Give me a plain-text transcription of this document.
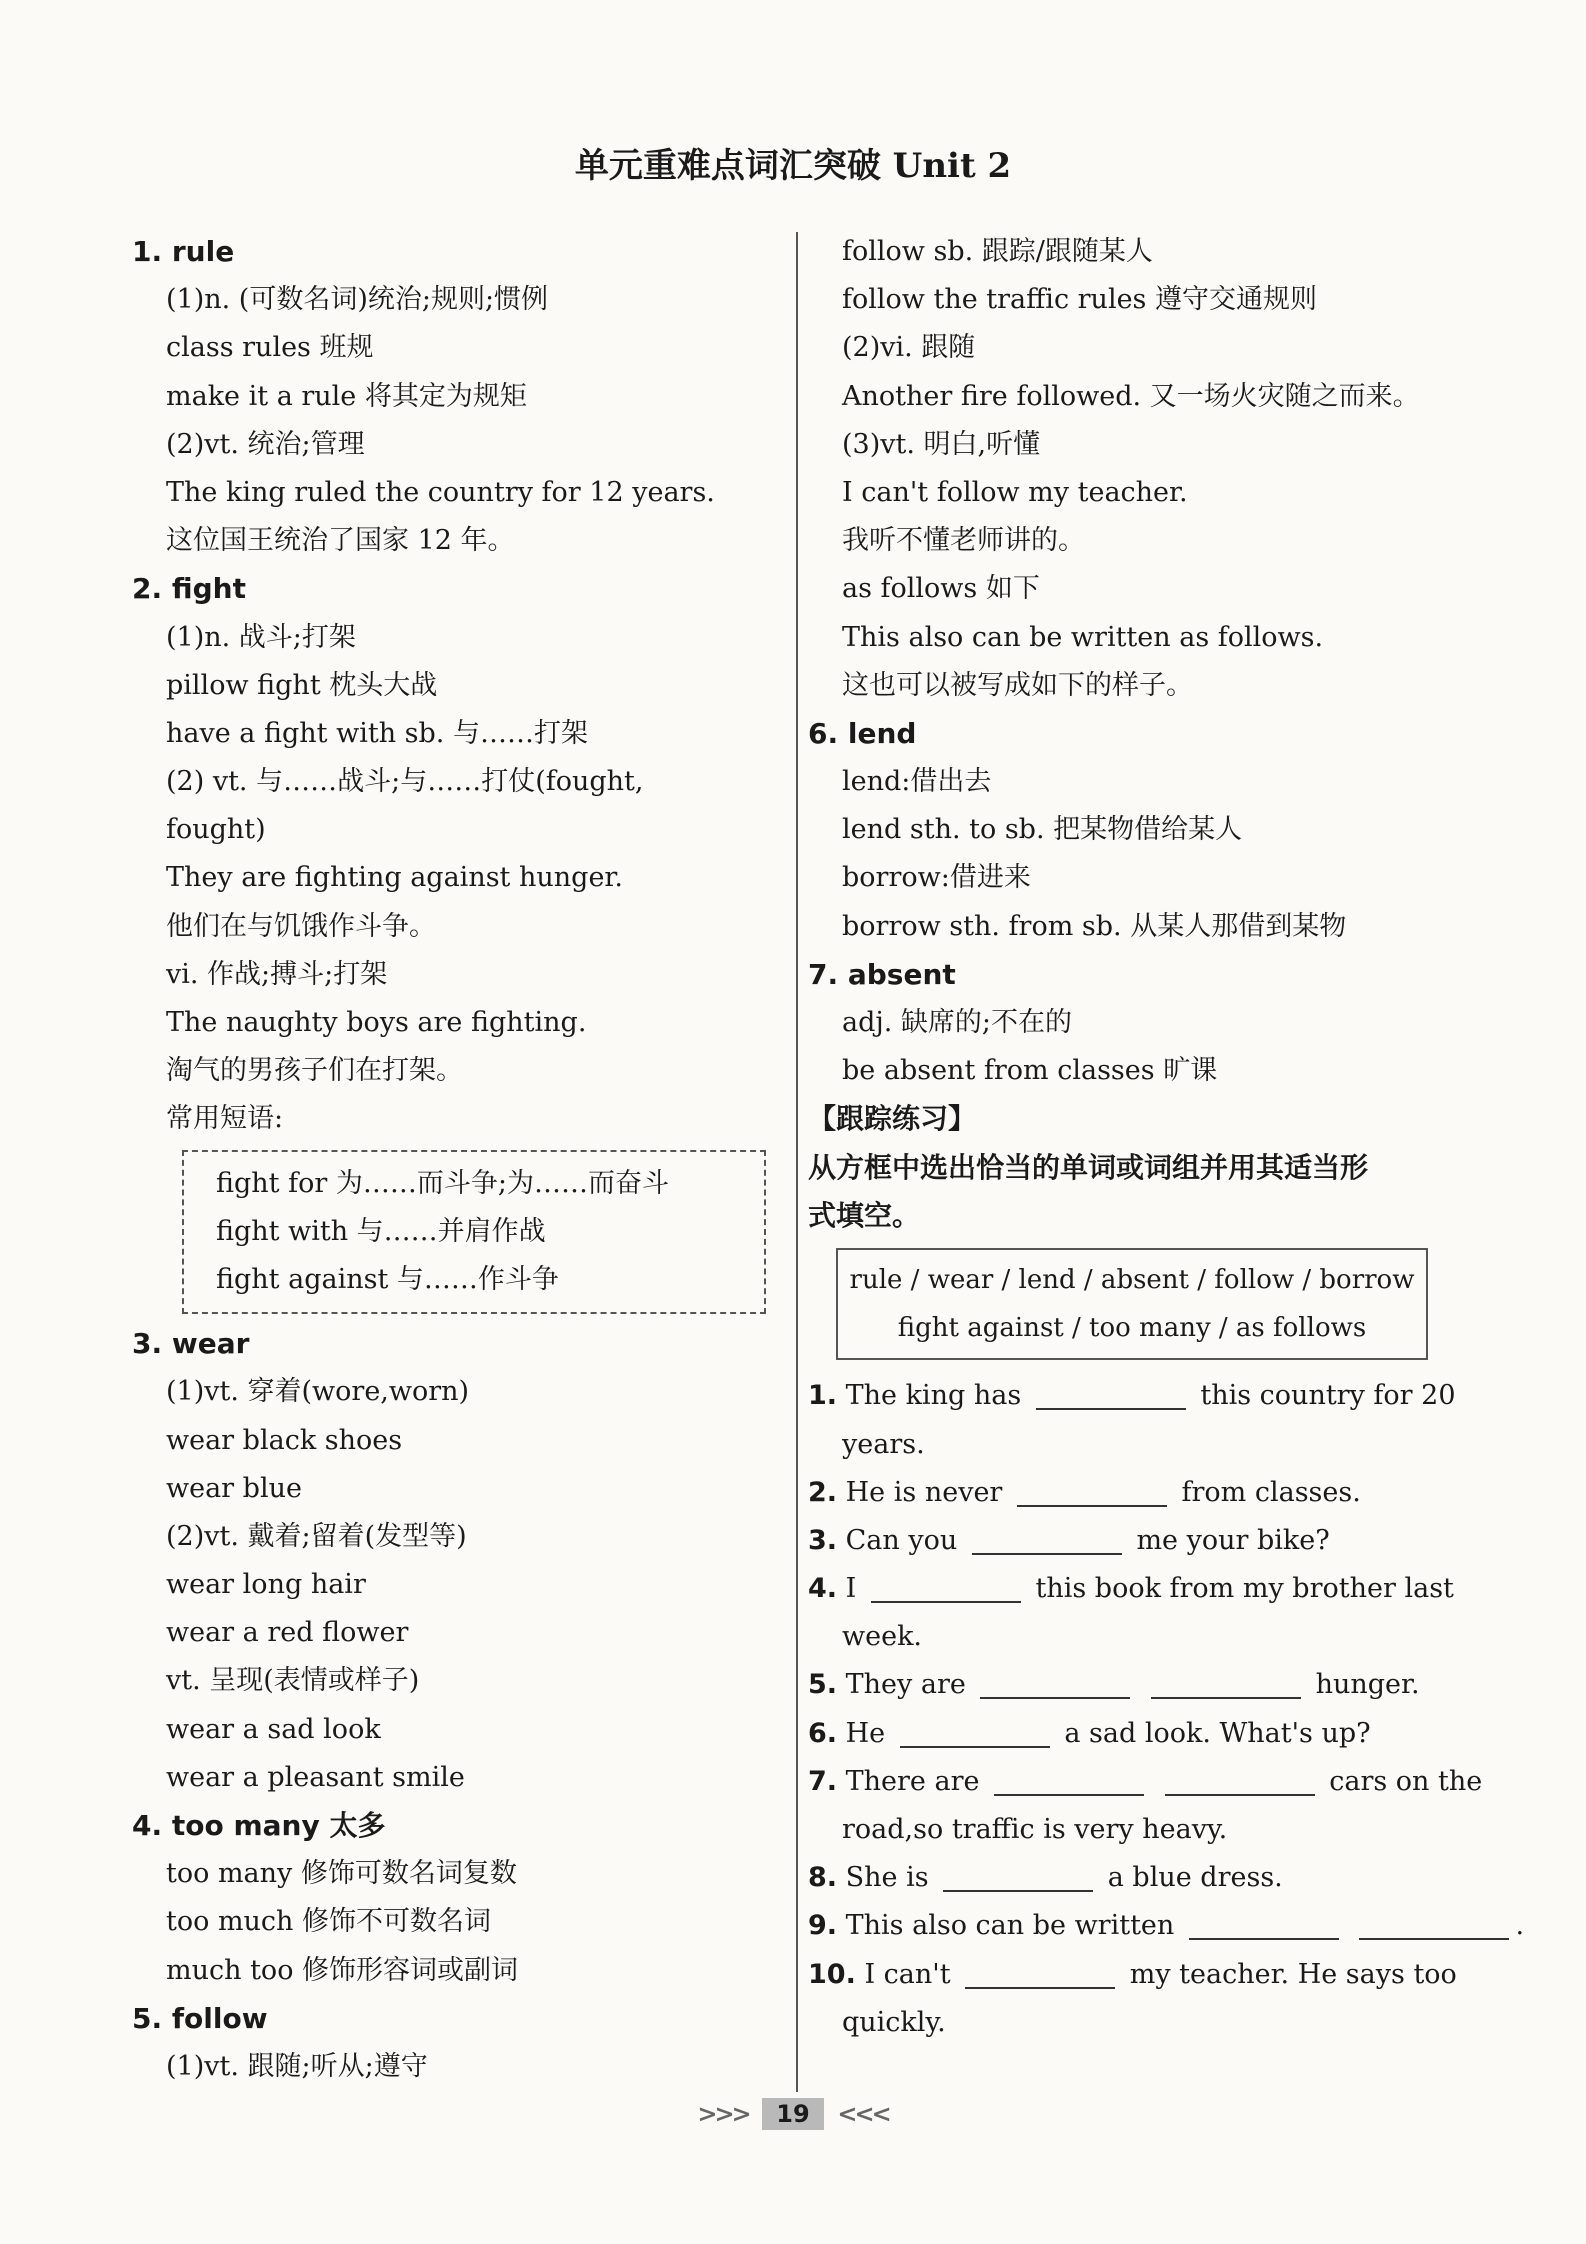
单元重难点词汇突破 Unit 2
1. rule
(1)n. (可数名词)统治;规则;惯例
class rules 班规
make it a rule 将其定为规矩
(2)vt. 统治;管理
The king ruled the country for 12 years.
这位国王统治了国家 12 年。
2. fight
(1)n. 战斗;打架
pillow fight 枕头大战
have a fight with sb. 与……打架
(2) vt. 与……战斗;与……打仗(fought,
fought)
They are fighting against hunger.
他们在与饥饿作斗争。
vi. 作战;搏斗;打架
The naughty boys are fighting.
淘气的男孩子们在打架。
常用短语:
fight for 为……而斗争;为……而奋斗
fight with 与……并肩作战
fight against 与……作斗争
3. wear
(1)vt. 穿着(wore,worn)
wear black shoes
wear blue
(2)vt. 戴着;留着(发型等)
wear long hair
wear a red flower
vt. 呈现(表情或样子)
wear a sad look
wear a pleasant smile
4. too many 太多
too many 修饰可数名词复数
too much 修饰不可数名词
much too 修饰形容词或副词
5. follow
(1)vt. 跟随;听从;遵守
follow sb. 跟踪/跟随某人
follow the traffic rules 遵守交通规则
(2)vi. 跟随
Another fire followed. 又一场火灾随之而来。
(3)vt. 明白,听懂
I can't follow my teacher.
我听不懂老师讲的。
as follows 如下
This also can be written as follows.
这也可以被写成如下的样子。
6. lend
lend:借出去
lend sth. to sb. 把某物借给某人
borrow:借进来
borrow sth. from sb. 从某人那借到某物
7. absent
adj. 缺席的;不在的
be absent from classes 旷课
【跟踪练习】
从方框中选出恰当的单词或词组并用其适当形
式填空。
rule / wear / lend / absent / follow / borrow
fight against / too many / as follows
1. The king has	this country for 20
years.
2. He is never	from classes.
3. Can you	me your bike?
4. I	this book from my brother last
week.
5. They are	hunger.
6. He	a sad look. What's up?
7. There are	cars on the
road,so traffic is very heavy.
8. She is	a blue dress.
9. This also can be written	.
10. I can't	my teacher. He says too
quickly.
>>> 19 <<<
